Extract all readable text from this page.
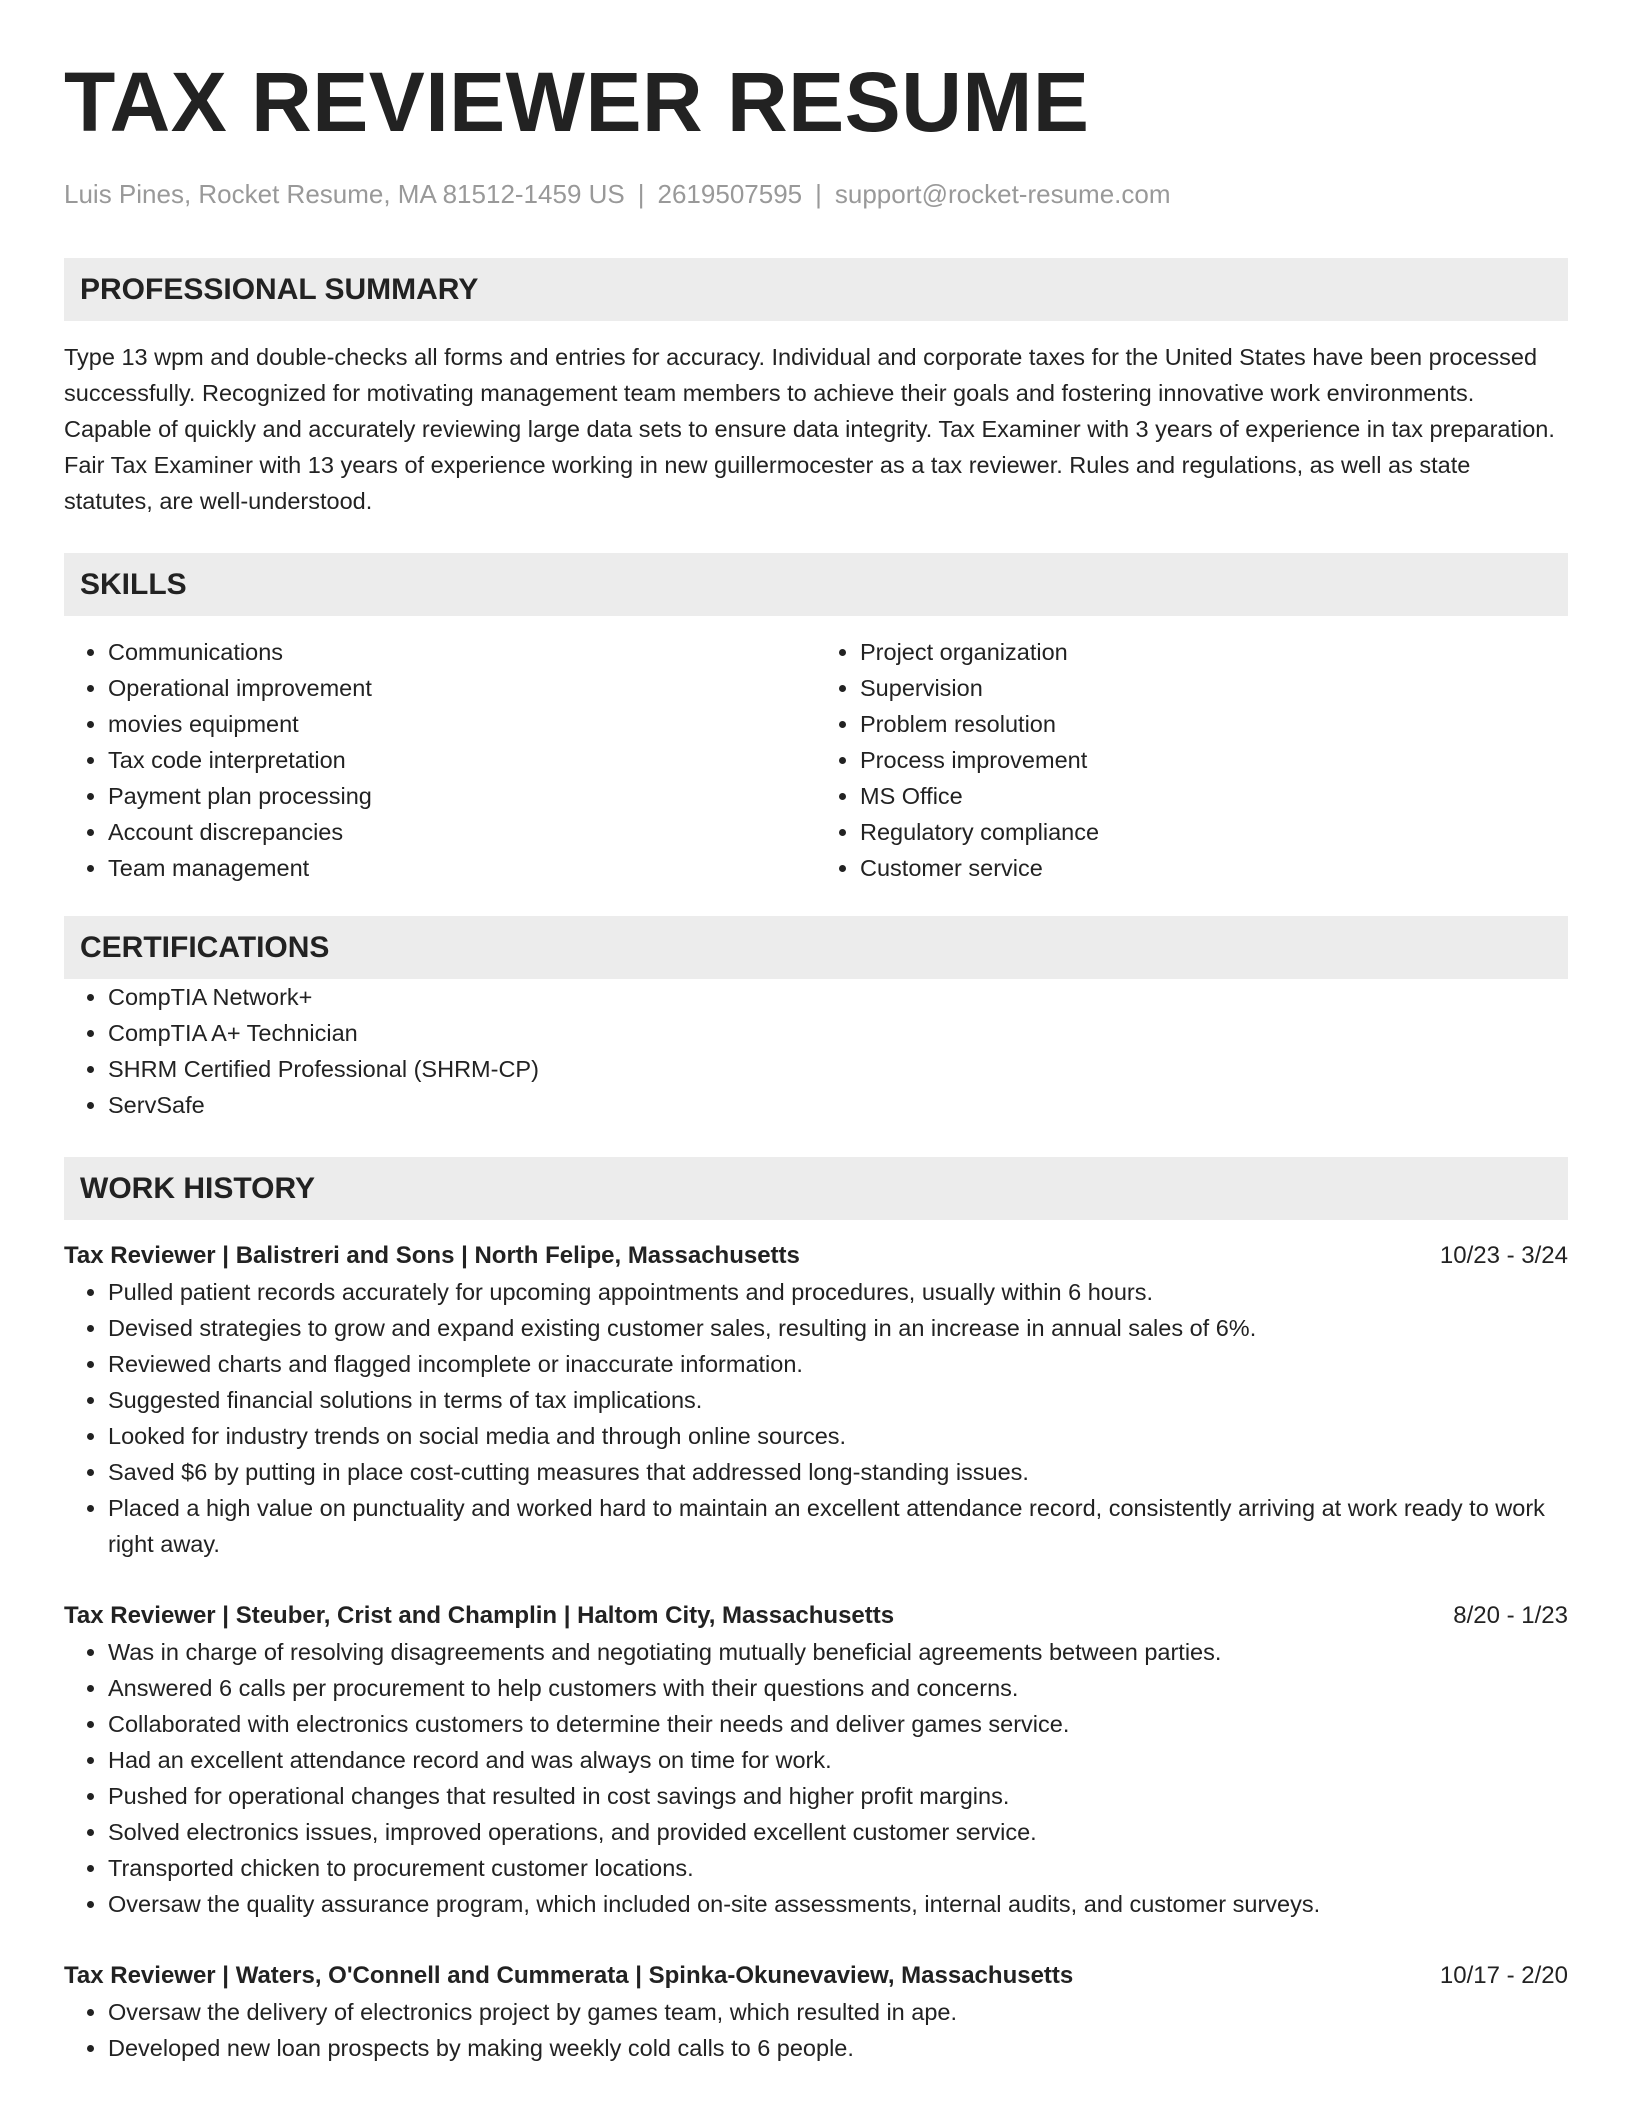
TAX REVIEWER RESUME
Luis Pines, Rocket Resume, MA 81512-1459 US | 2619507595 | support@rocket-resume.com
PROFESSIONAL SUMMARY

Type 13 wpm and double-checks all forms and entries for accuracy. Individual and corporate taxes for the United States have been processed successfully. Recognized for motivating management team members to achieve their goals and fostering innovative work environments. Capable of quickly and accurately reviewing large data sets to ensure data integrity. Tax Examiner with 3 years of experience in tax preparation. Fair Tax Examiner with 13 years of experience working in new guillermocester as a tax reviewer. Rules and regulations, as well as state statutes, are well-understood.

SKILLS
• Communications
• Operational improvement
• movies equipment
• Tax code interpretation
• Payment plan processing
• Account discrepancies
• Team management
• Project organization
• Supervision
• Problem resolution
• Process improvement
• MS Office
• Regulatory compliance
• Customer service
CERTIFICATIONS
• CompTIA Network+
• CompTIA A+ Technician
• SHRM Certified Professional (SHRM-CP)
• ServSafe
WORK HISTORY
Tax Reviewer | Balistreri and Sons | North Felipe, Massachusetts	10/23 - 3/24
• Pulled patient records accurately for upcoming appointments and procedures, usually within 6 hours.
• Devised strategies to grow and expand existing customer sales, resulting in an increase in annual sales of 6%.
• Reviewed charts and flagged incomplete or inaccurate information.
• Suggested financial solutions in terms of tax implications.
• Looked for industry trends on social media and through online sources.
• Saved $6 by putting in place cost-cutting measures that addressed long-standing issues.
• Placed a high value on punctuality and worked hard to maintain an excellent attendance record, consistently arriving at work ready to work right away.
Tax Reviewer | Steuber, Crist and Champlin | Haltom City, Massachusetts	8/20 - 1/23
• Was in charge of resolving disagreements and negotiating mutually beneficial agreements between parties.
• Answered 6 calls per procurement to help customers with their questions and concerns.
• Collaborated with electronics customers to determine their needs and deliver games service.
• Had an excellent attendance record and was always on time for work.
• Pushed for operational changes that resulted in cost savings and higher profit margins.
• Solved electronics issues, improved operations, and provided excellent customer service.
• Transported chicken to procurement customer locations.
• Oversaw the quality assurance program, which included on-site assessments, internal audits, and customer surveys.
Tax Reviewer | Waters, O'Connell and Cummerata | Spinka-Okunevaview, Massachusetts	10/17 - 2/20
• Oversaw the delivery of electronics project by games team, which resulted in ape.
• Developed new loan prospects by making weekly cold calls to 6 people.
